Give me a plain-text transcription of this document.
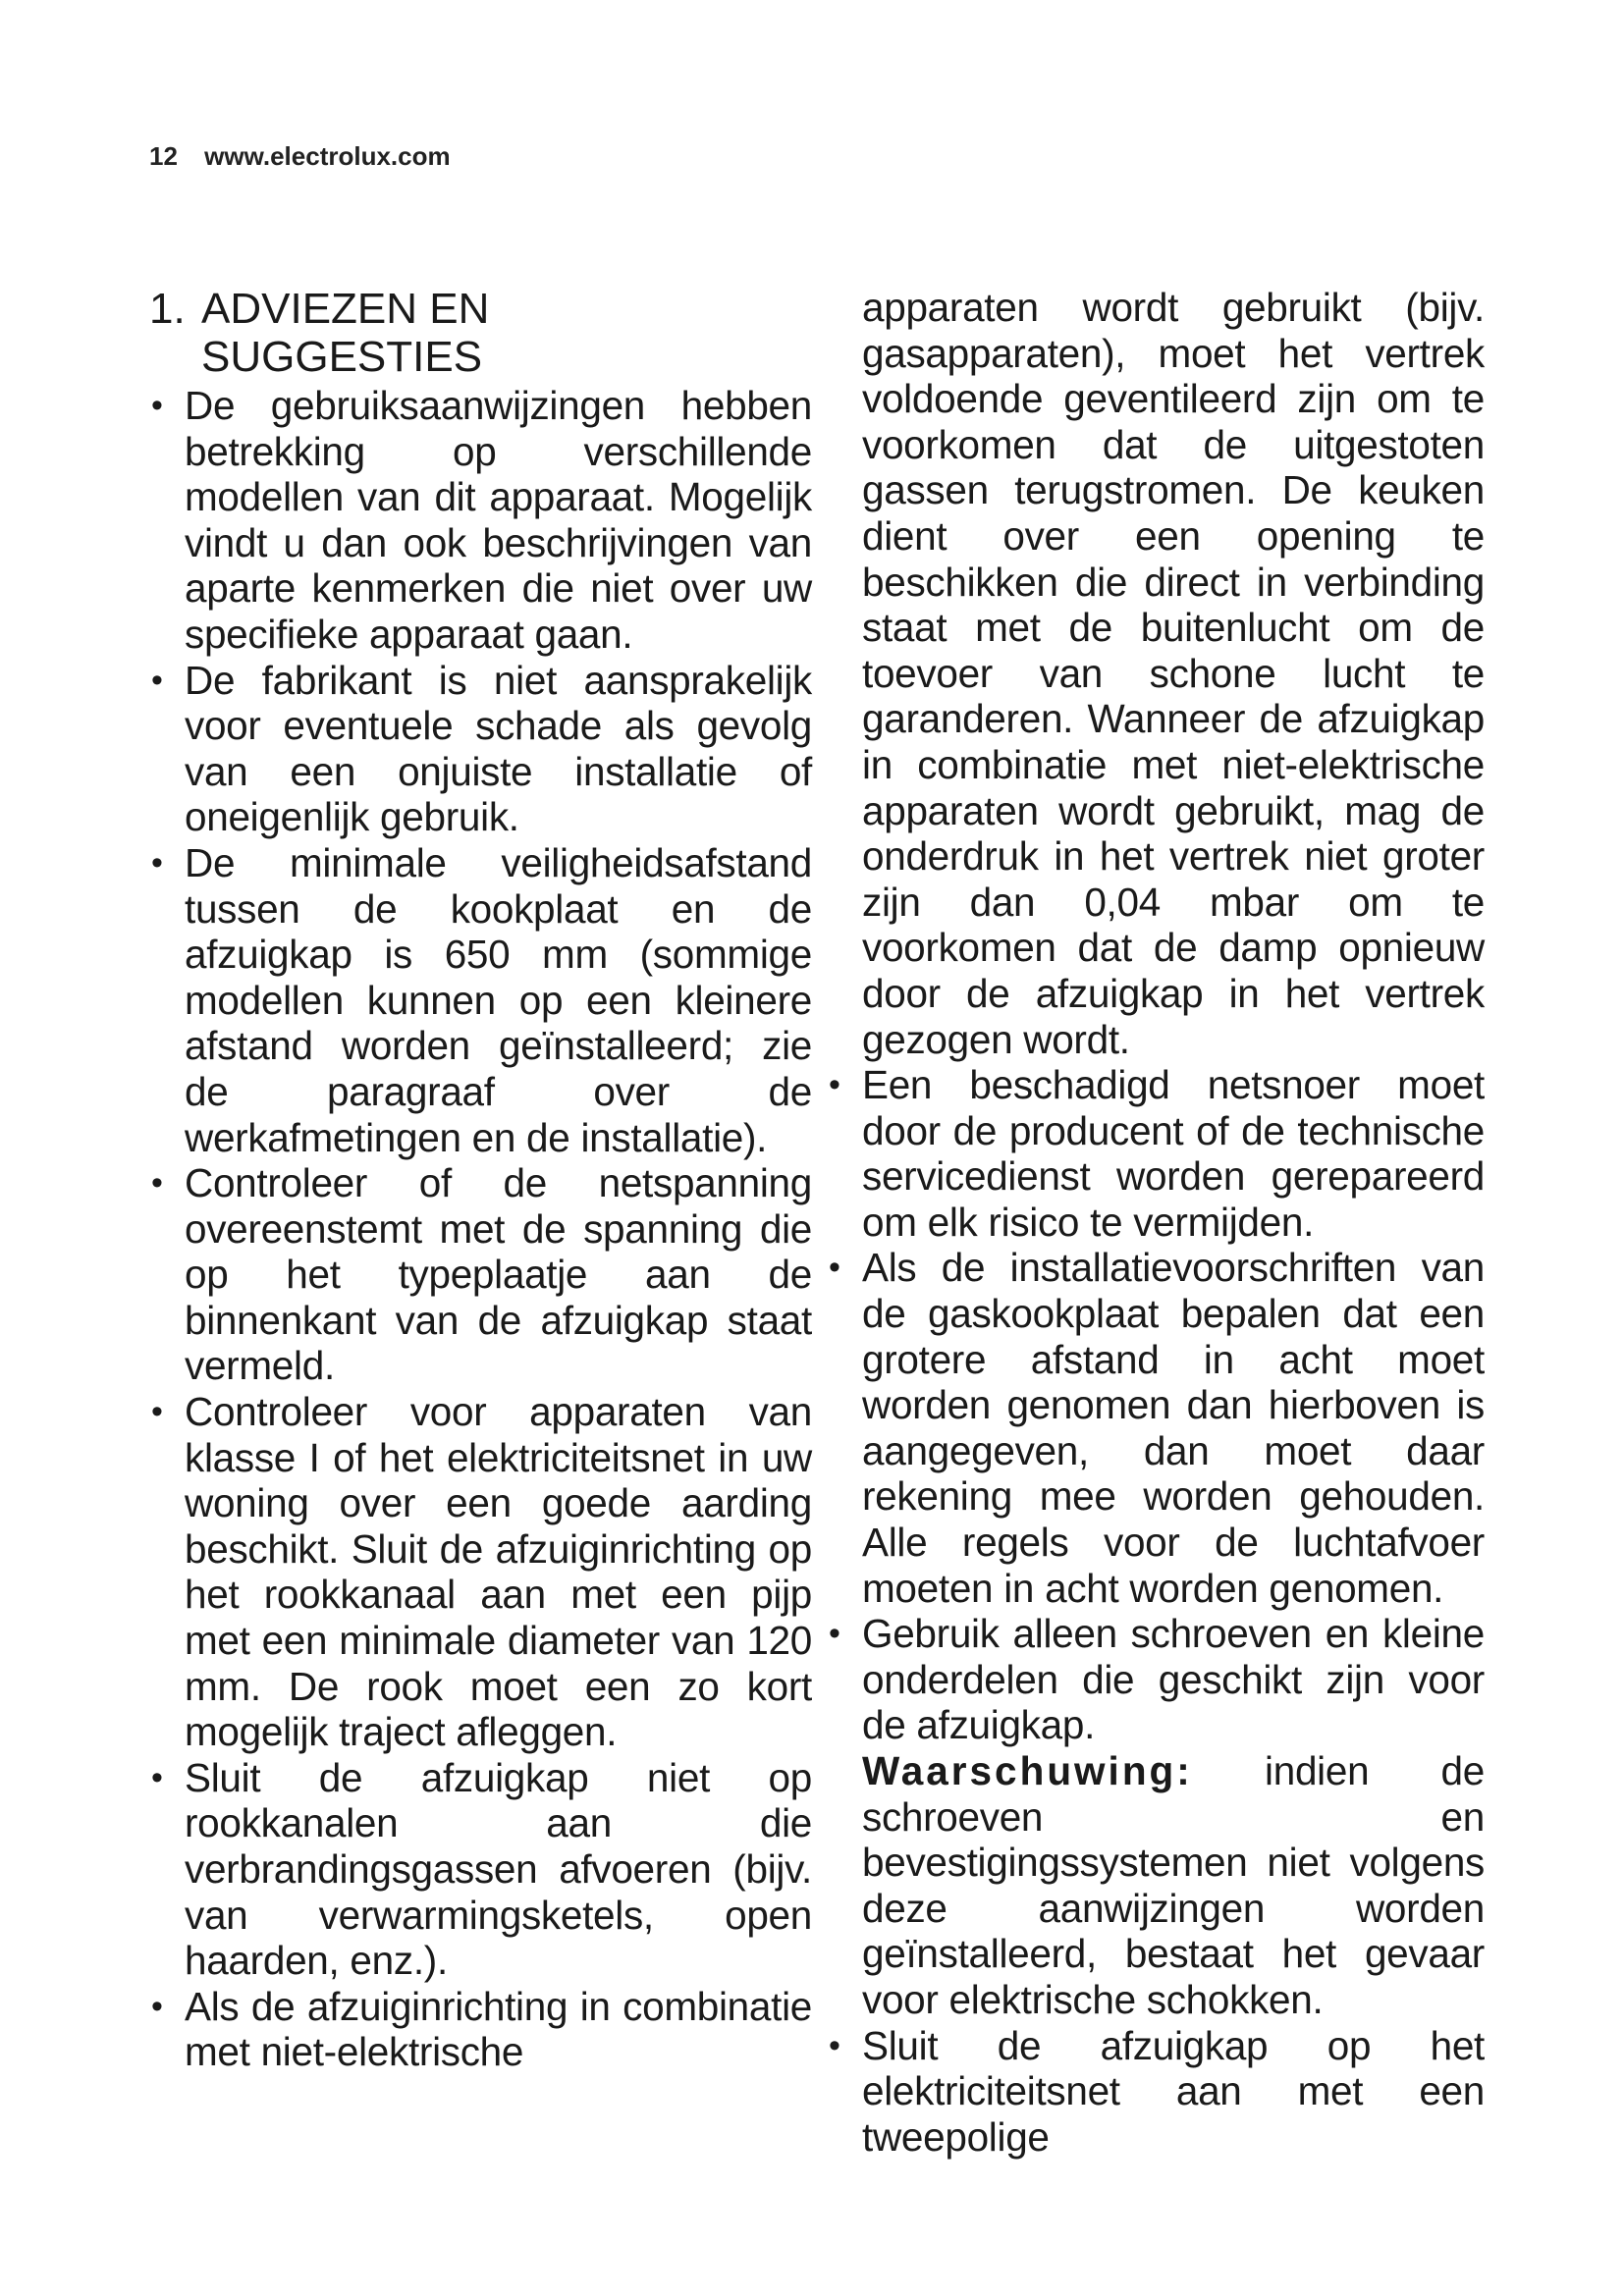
12 www.electrolux.com
1. ADVIEZEN EN
SUGGESTIES
• De gebruiksaanwijzingen hebben betrekking op verschillende modellen van dit apparaat. Mogelijk vindt u dan ook beschrijvingen van aparte kenmerken die niet over uw specifieke apparaat gaan.
• De fabrikant is niet aansprakelijk voor eventuele schade als gevolg van een onjuiste installatie of oneigenlijk gebruik.
• De minimale veiligheidsafstand tussen de kookplaat en de afzuigkap is 650 mm (sommige modellen kunnen op een kleinere afstand worden geïnstalleerd; zie de paragraaf over de werkafmetingen en de installatie).
• Controleer of de netspanning overeenstemt met de spanning die op het typeplaatje aan de binnenkant van de afzuigkap staat vermeld.
• Controleer voor apparaten van klasse I of het elektriciteitsnet in uw woning over een goede aarding beschikt. Sluit de afzuiginrichting op het rookkanaal aan met een pijp met een minimale diameter van 120 mm. De rook moet een zo kort mogelijk traject afleggen.
• Sluit de afzuigkap niet op rookkanalen aan die verbrandingsgassen afvoeren (bijv. van verwarmingsketels, open haarden, enz.).
• Als de afzuiginrichting in combinatie met niet-elektrische
apparaten wordt gebruikt (bijv. gasapparaten), moet het vertrek voldoende geventileerd zijn om te voorkomen dat de uitgestoten gassen terugstromen. De keuken dient over een opening te beschikken die direct in verbinding staat met de buitenlucht om de toevoer van schone lucht te garanderen. Wanneer de afzuigkap in combinatie met niet-elektrische apparaten wordt gebruikt, mag de onderdruk in het vertrek niet groter zijn dan 0,04 mbar om te voorkomen dat de damp opnieuw door de afzuigkap in het vertrek gezogen wordt.
• Een beschadigd netsnoer moet door de producent of de technische servicedienst worden gerepareerd om elk risico te vermijden.
• Als de installatievoorschriften van de gaskookplaat bepalen dat een grotere afstand in acht moet worden genomen dan hierboven is aangegeven, dan moet daar rekening mee worden gehouden. Alle regels voor de luchtafvoer moeten in acht worden genomen.
• Gebruik alleen schroeven en kleine onderdelen die geschikt zijn voor de afzuigkap.
Waarschuwing: indien de schroeven en bevestigingssystemen niet volgens deze aanwijzingen worden geïnstalleerd, bestaat het gevaar voor elektrische schokken.
• Sluit de afzuigkap op het elektriciteitsnet aan met een tweepolige
